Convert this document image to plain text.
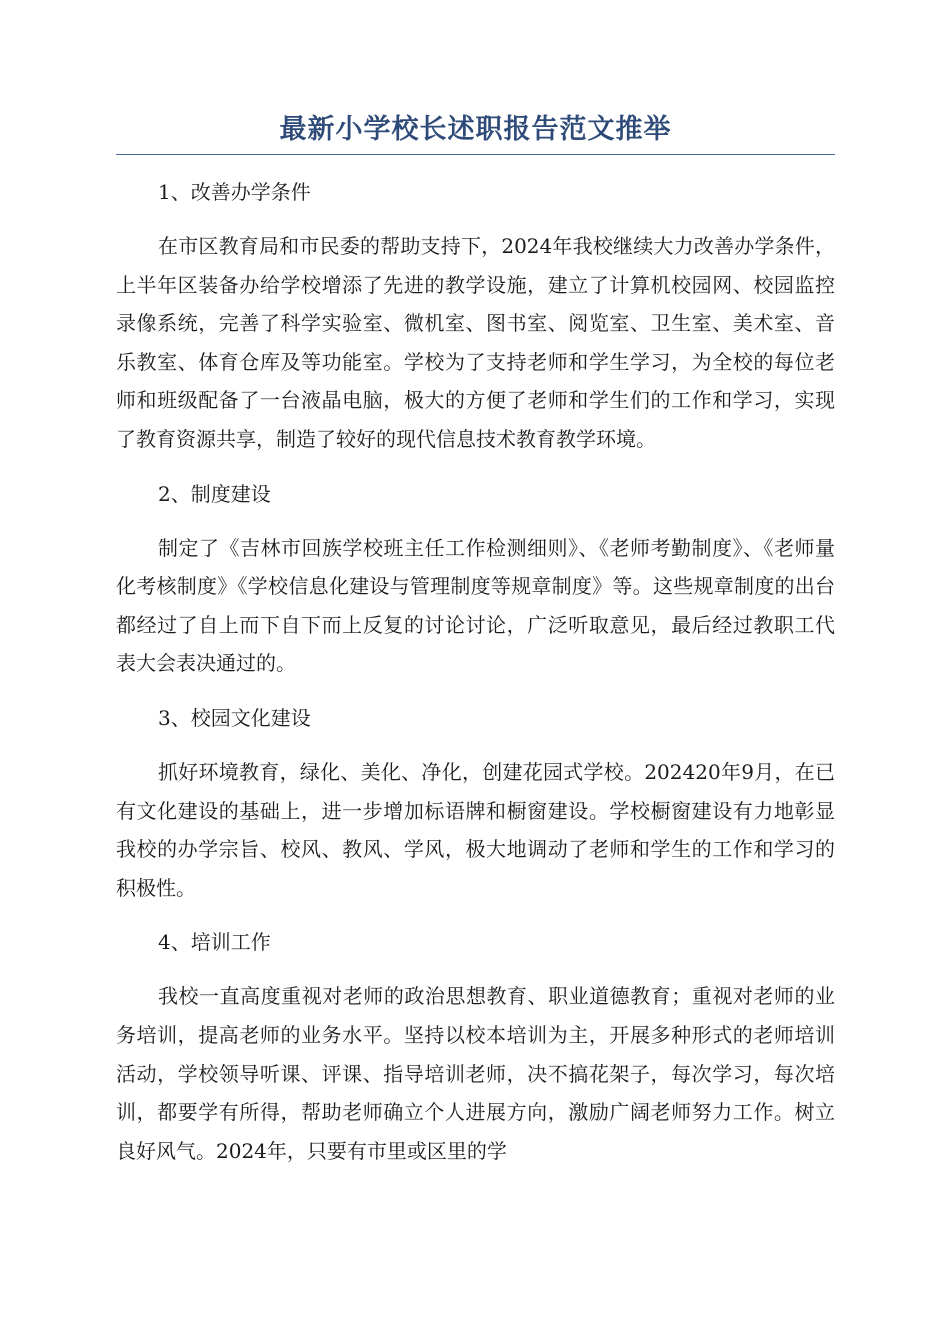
最新小学校长述职报告范文推举

1、改善办学条件

在市区教育局和市民委的帮助支持下，2024年我校继续大力改善办学条件，上半年区装备办给学校增添了先进的教学设施，建立了计算机校园网、校园监控录像系统，完善了科学实验室、微机室、图书室、阅览室、卫生室、美术室、音乐教室、体育仓库及等功能室。学校为了支持老师和学生学习，为全校的每位老师和班级配备了一台液晶电脑，极大的方便了老师和学生们的工作和学习，实现了教育资源共享，制造了较好的现代信息技术教育教学环境。

2、制度建设

制定了《吉林市回族学校班主任工作检测细则》、《老师考勤制度》、《老师量化考核制度》《学校信息化建设与管理制度等规章制度》等。这些规章制度的出台都经过了自上而下自下而上反复的讨论讨论，广泛听取意见，最后经过教职工代表大会表决通过的。

3、校园文化建设

抓好环境教育，绿化、美化、净化，创建花园式学校。202420年9月，在已有文化建设的基础上，进一步增加标语牌和橱窗建设。学校橱窗建设有力地彰显我校的办学宗旨、校风、教风、学风，极大地调动了老师和学生的工作和学习的积极性。

4、培训工作

我校一直高度重视对老师的政治思想教育、职业道德教育；重视对老师的业务培训，提高老师的业务水平。坚持以校本培训为主，开展多种形式的老师培训活动，学校领导听课、评课、指导培训老师，决不搞花架子，每次学习，每次培训，都要学有所得，帮助老师确立个人进展方向，激励广阔老师努力工作。树立良好风气。2024年，只要有市里或区里的学
